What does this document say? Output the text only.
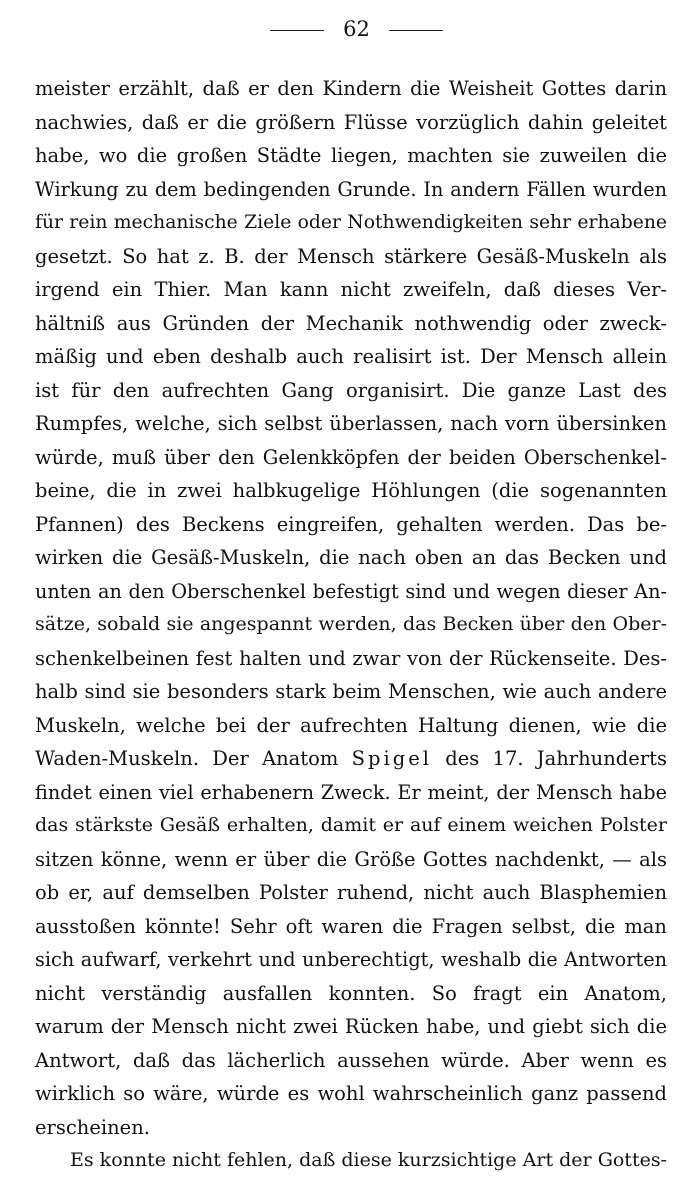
62
meister erzählt, daß er den Kindern die Weisheit Gottes darin
nachwies, daß er die größern Flüsse vorzüglich dahin geleitet
habe, wo die großen Städte liegen, machten sie zuweilen die
Wirkung zu dem bedingenden Grunde. In andern Fällen wurden
für rein mechanische Ziele oder Nothwendigkeiten sehr erhabene
gesetzt. So hat z. B. der Mensch stärkere Gesäß-Muskeln als
irgend ein Thier. Man kann nicht zweifeln, daß dieses Ver-
hältniß aus Gründen der Mechanik nothwendig oder zweck-
mäßig und eben deshalb auch realisirt ist. Der Mensch allein
ist für den aufrechten Gang organisirt. Die ganze Last des
Rumpfes, welche, sich selbst überlassen, nach vorn übersinken
würde, muß über den Gelenkköpfen der beiden Oberschenkel-
beine, die in zwei halbkugelige Höhlungen (die sogenannten
Pfannen) des Beckens eingreifen, gehalten werden. Das be-
wirken die Gesäß-Muskeln, die nach oben an das Becken und
unten an den Oberschenkel befestigt sind und wegen dieser An-
sätze, sobald sie angespannt werden, das Becken über den Ober-
schenkelbeinen fest halten und zwar von der Rückenseite. Des-
halb sind sie besonders stark beim Menschen, wie auch andere
Muskeln, welche bei der aufrechten Haltung dienen, wie die
Waden-Muskeln. Der Anatom Spigel des 17. Jahrhunderts
findet einen viel erhabenern Zweck. Er meint, der Mensch habe
das stärkste Gesäß erhalten, damit er auf einem weichen Polster
sitzen könne, wenn er über die Größe Gottes nachdenkt, — als
ob er, auf demselben Polster ruhend, nicht auch Blasphemien
ausstoßen könnte! Sehr oft waren die Fragen selbst, die man
sich aufwarf, verkehrt und unberechtigt, weshalb die Antworten
nicht verständig ausfallen konnten. So fragt ein Anatom,
warum der Mensch nicht zwei Rücken habe, und giebt sich die
Antwort, daß das lächerlich aussehen würde. Aber wenn es
wirklich so wäre, würde es wohl wahrscheinlich ganz passend
erscheinen.
Es konnte nicht fehlen, daß diese kurzsichtige Art der Gottes-
